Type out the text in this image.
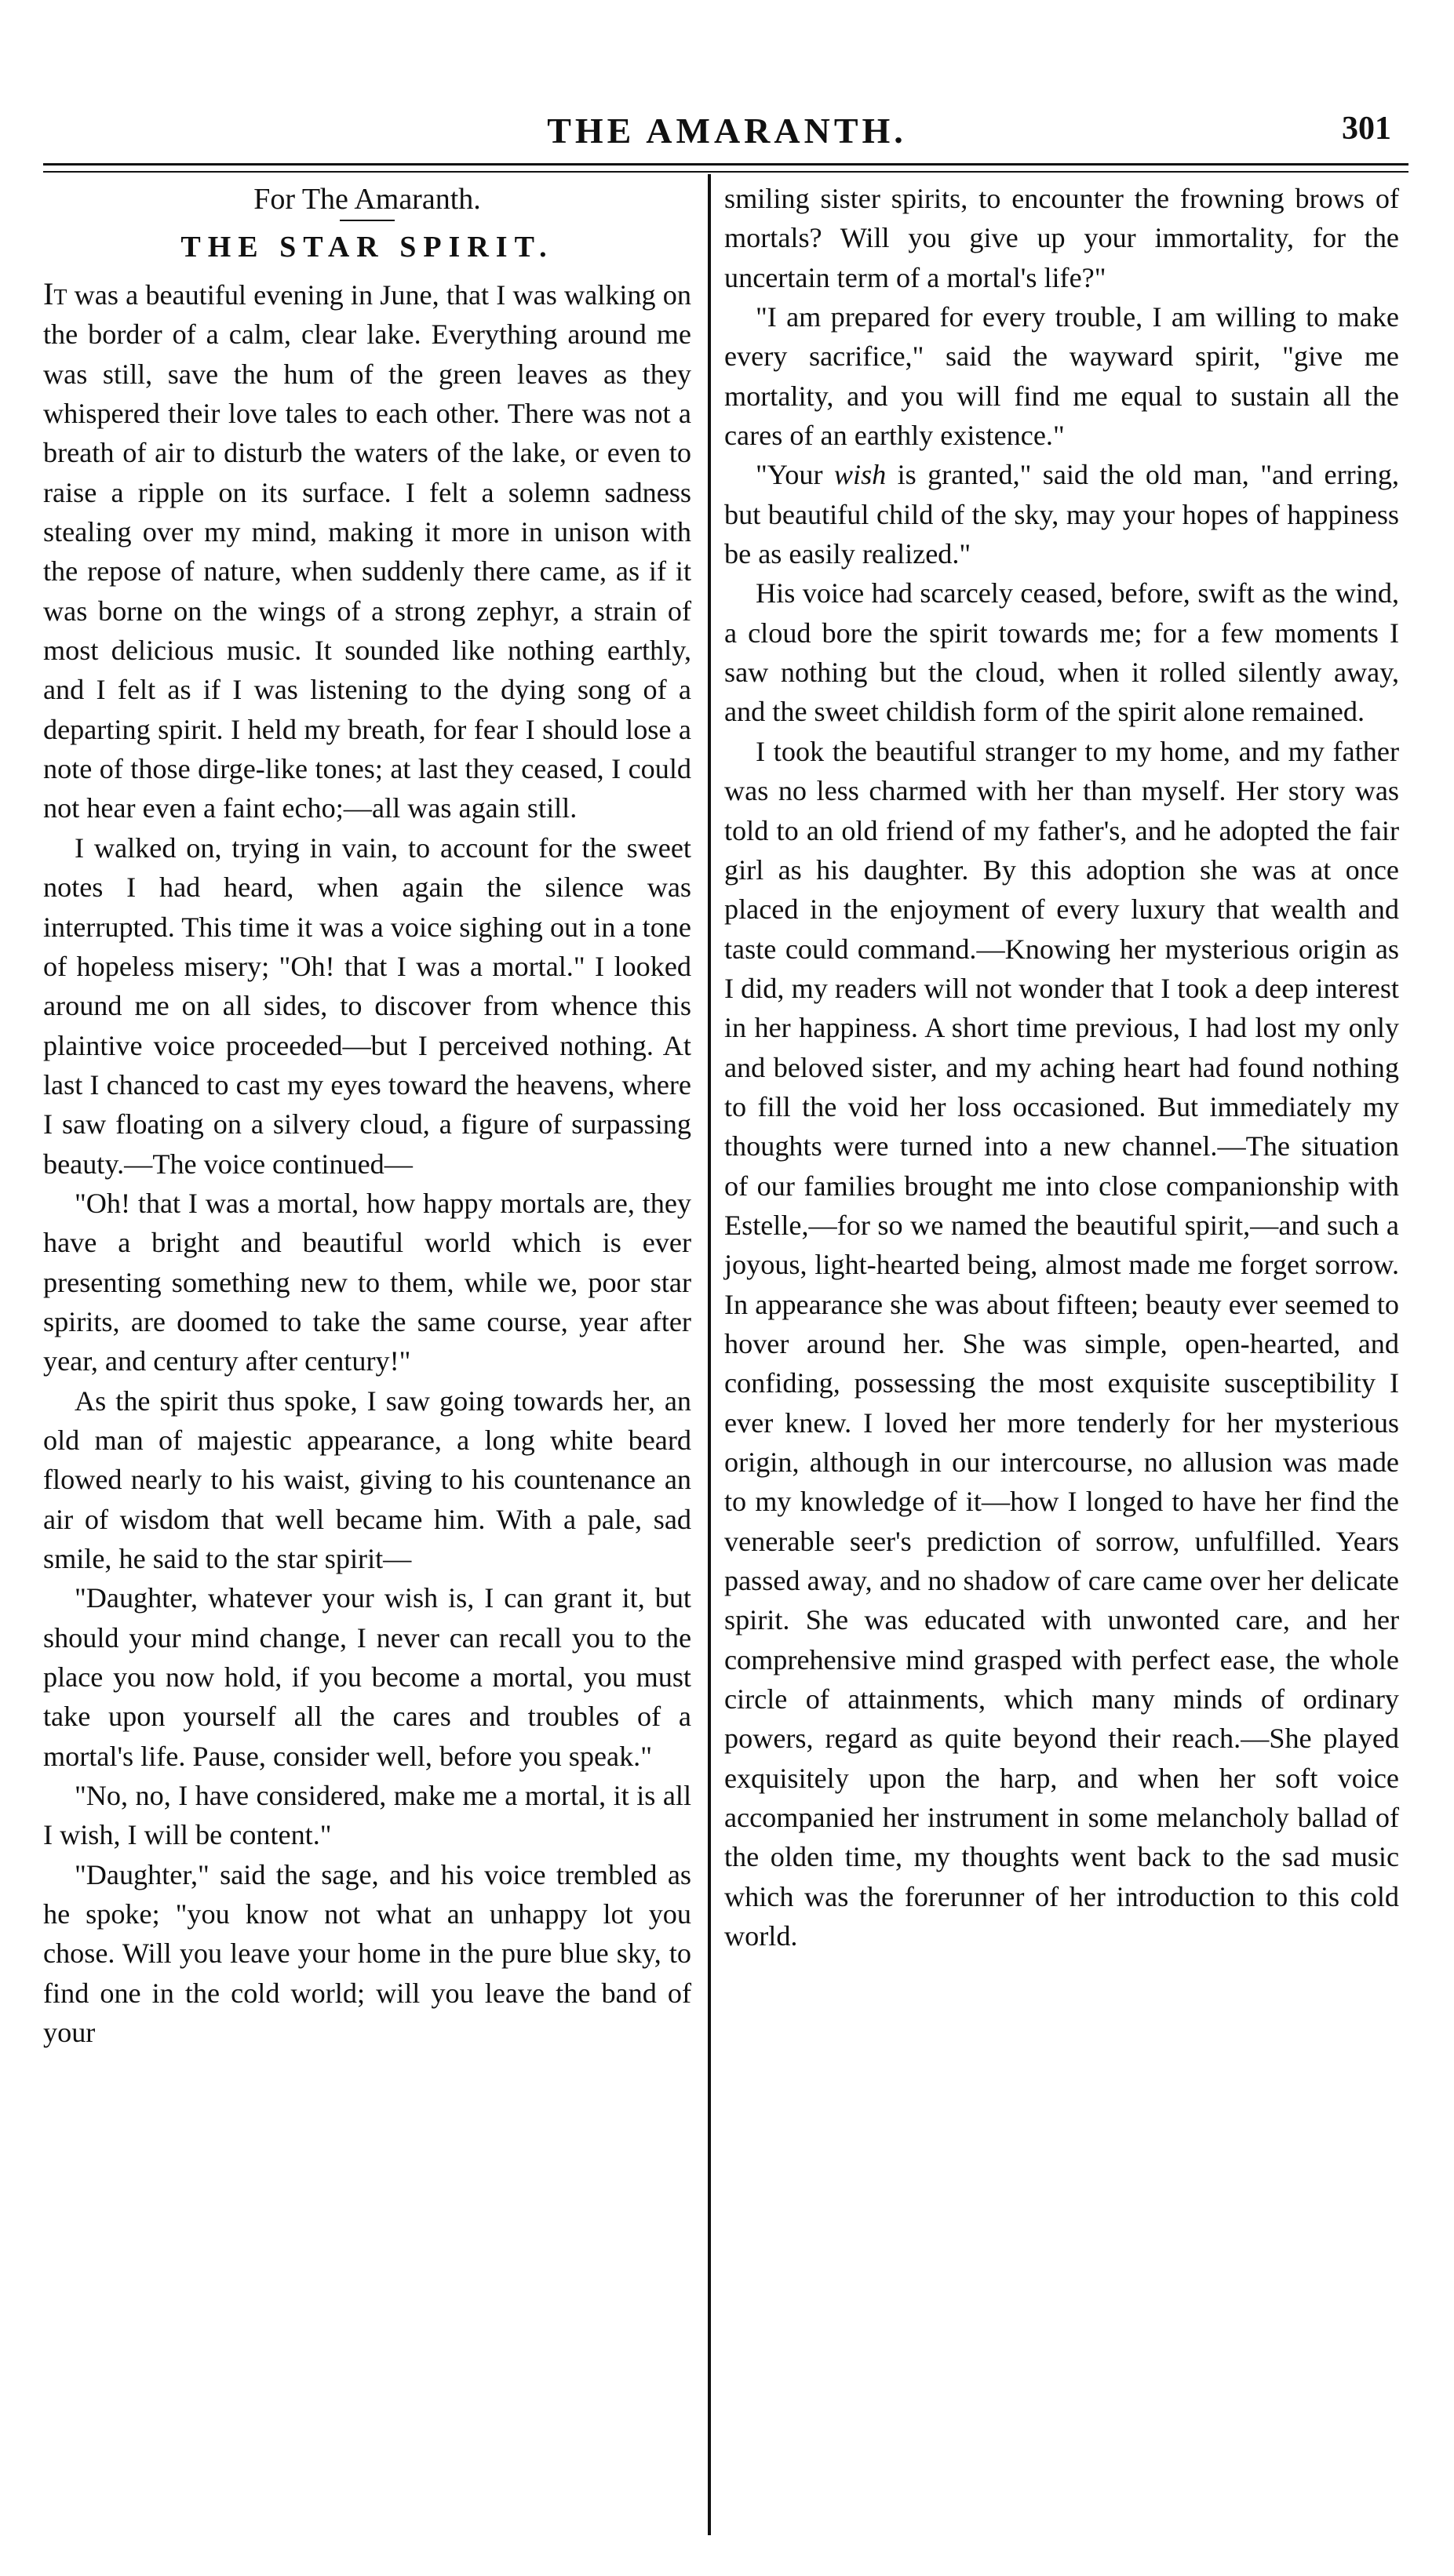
THE AMARANTH.	301
For The Amaranth.
THE STAR SPIRIT.

It was a beautiful evening in June, that I was walking on the border of a calm, clear lake. Everything around me was still, save the hum of the green leaves as they whispered their love tales to each other. There was not a breath of air to disturb the waters of the lake, or even to raise a ripple on its surface. I felt a solemn sadness stealing over my mind, making it more in unison with the repose of nature, when suddenly there came, as if it was borne on the wings of a strong zephyr, a strain of most delicious music. It sounded like nothing earthly, and I felt as if I was listening to the dying song of a departing spirit. I held my breath, for fear I should lose a note of those dirge-like tones; at last they ceased, I could not hear even a faint echo;—all was again still.

I walked on, trying in vain, to account for the sweet notes I had heard, when again the silence was interrupted. This time it was a voice sighing out in a tone of hopeless misery; "Oh! that I was a mortal." I looked around me on all sides, to discover from whence this plaintive voice proceeded—but I perceived nothing. At last I chanced to cast my eyes toward the heavens, where I saw floating on a silvery cloud, a figure of surpassing beauty.—The voice continued—

"Oh! that I was a mortal, how happy mortals are, they have a bright and beautiful world which is ever presenting something new to them, while we, poor star spirits, are doomed to take the same course, year after year, and century after century!"

As the spirit thus spoke, I saw going towards her, an old man of majestic appearance, a long white beard flowed nearly to his waist, giving to his countenance an air of wisdom that well became him. With a pale, sad smile, he said to the star spirit—

"Daughter, whatever your wish is, I can grant it, but should your mind change, I never can recall you to the place you now hold, if you become a mortal, you must take upon yourself all the cares and troubles of a mortal's life. Pause, consider well, before you speak."

"No, no, I have considered, make me a mortal, it is all I wish, I will be content."

"Daughter," said the sage, and his voice trembled as he spoke; "you know not what an unhappy lot you chose. Will you leave your home in the pure blue sky, to find one in the cold world; will you leave the band of your

smiling sister spirits, to encounter the frowning brows of mortals? Will you give up your immortality, for the uncertain term of a mortal's life?"

"I am prepared for every trouble, I am willing to make every sacrifice," said the wayward spirit, "give me mortality, and you will find me equal to sustain all the cares of an earthly existence."

"Your wish is granted," said the old man, "and erring, but beautiful child of the sky, may your hopes of happiness be as easily realized."

His voice had scarcely ceased, before, swift as the wind, a cloud bore the spirit towards me; for a few moments I saw nothing but the cloud, when it rolled silently away, and the sweet childish form of the spirit alone remained.

I took the beautiful stranger to my home, and my father was no less charmed with her than myself. Her story was told to an old friend of my father's, and he adopted the fair girl as his daughter. By this adoption she was at once placed in the enjoyment of every luxury that wealth and taste could command.—Knowing her mysterious origin as I did, my readers will not wonder that I took a deep interest in her happiness. A short time previous, I had lost my only and beloved sister, and my aching heart had found nothing to fill the void her loss occasioned. But immediately my thoughts were turned into a new channel.—The situation of our families brought me into close companionship with Estelle,—for so we named the beautiful spirit,—and such a joyous, light-hearted being, almost made me forget sorrow. In appearance she was about fifteen; beauty ever seemed to hover around her. She was simple, open-hearted, and confiding, possessing the most exquisite susceptibility I ever knew. I loved her more tenderly for her mysterious origin, although in our intercourse, no allusion was made to my knowledge of it—how I longed to have her find the venerable seer's prediction of sorrow, unfulfilled. Years passed away, and no shadow of care came over her delicate spirit. She was educated with unwonted care, and her comprehensive mind grasped with perfect ease, the whole circle of attainments, which many minds of ordinary powers, regard as quite beyond their reach.—She played exquisitely upon the harp, and when her soft voice accompanied her instrument in some melancholy ballad of the olden time, my thoughts went back to the sad music which was the forerunner of her introduction to this cold world.
